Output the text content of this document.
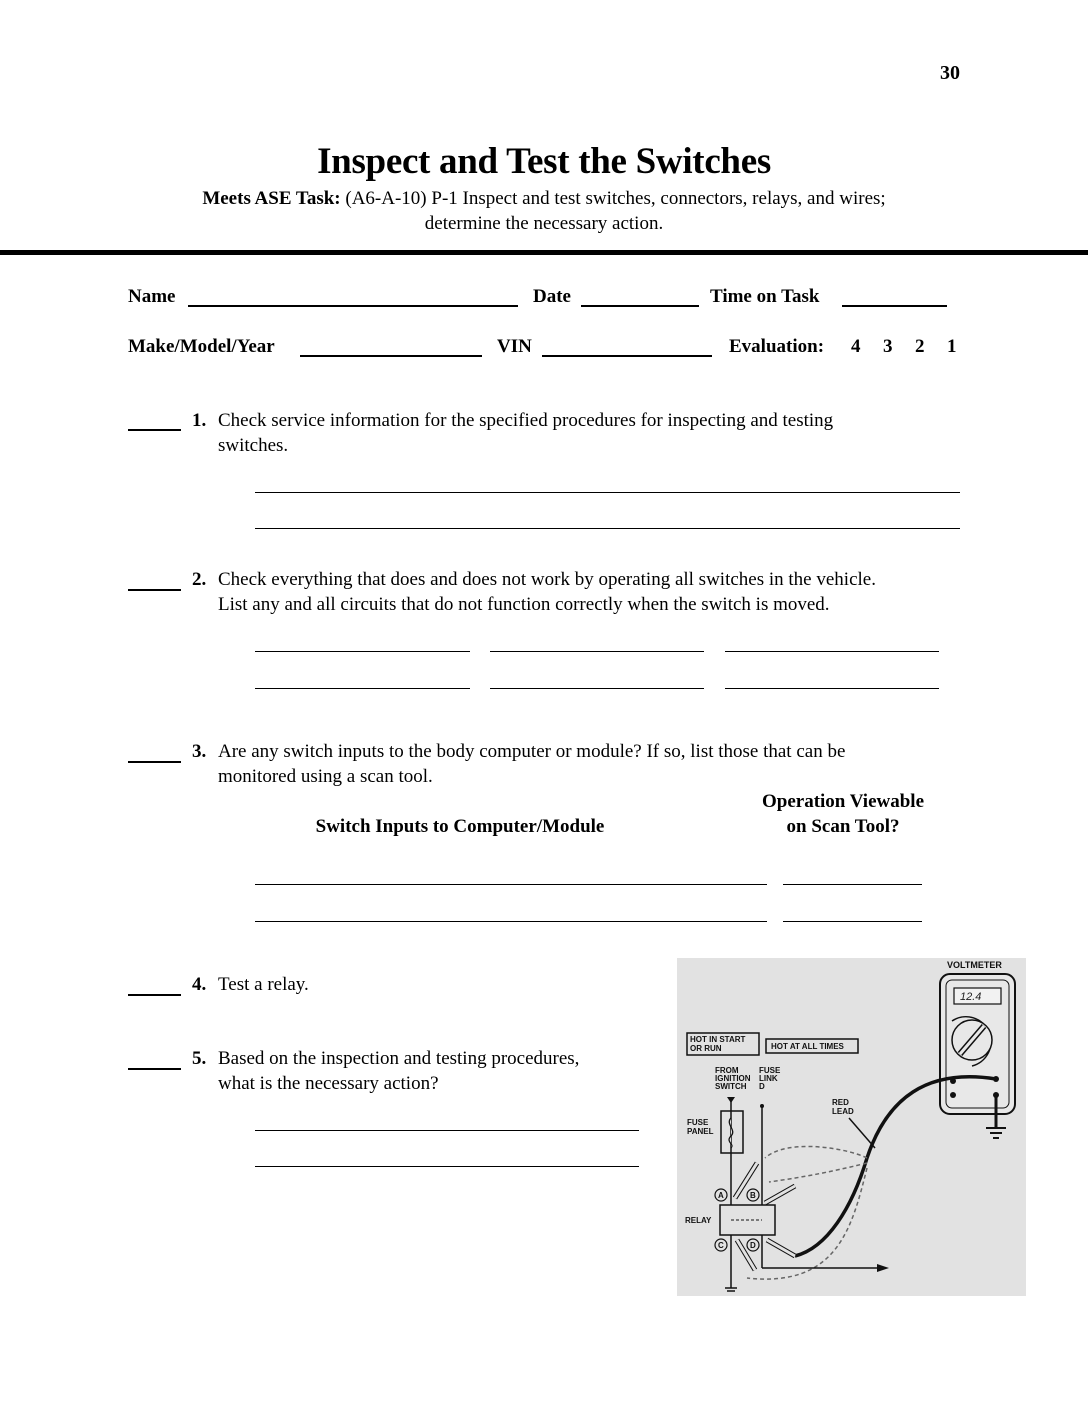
30
Inspect and Test the Switches
Meets ASE Task: (A6-A-10) P-1 Inspect and test switches, connectors, relays, and wires;
determine the necessary action.
Name	Date	Time on Task
Make/Model/Year	VIN	Evaluation: 4 3 2 1
1. Check service information for the specified procedures for inspecting and testing
switches.
2. Check everything that does and does not work by operating all switches in the vehicle.
List any and all circuits that do not function correctly when the switch is moved.
3. Are any switch inputs to the body computer or module? If so, list those that can be
monitored using a scan tool.
Switch Inputs to Computer/Module
Operation Viewable
on Scan Tool?
4. Test a relay.
5. Based on the inspection and testing procedures,
what is the necessary action?
VOLTMETER
12.4
RED LEAD
HOT IN START OR RUN	HOT AT ALL TIMES
FROM IGNITION SWITCH
FUSE LINK D
FUSE PANEL
RELAY
A	B
C	D
